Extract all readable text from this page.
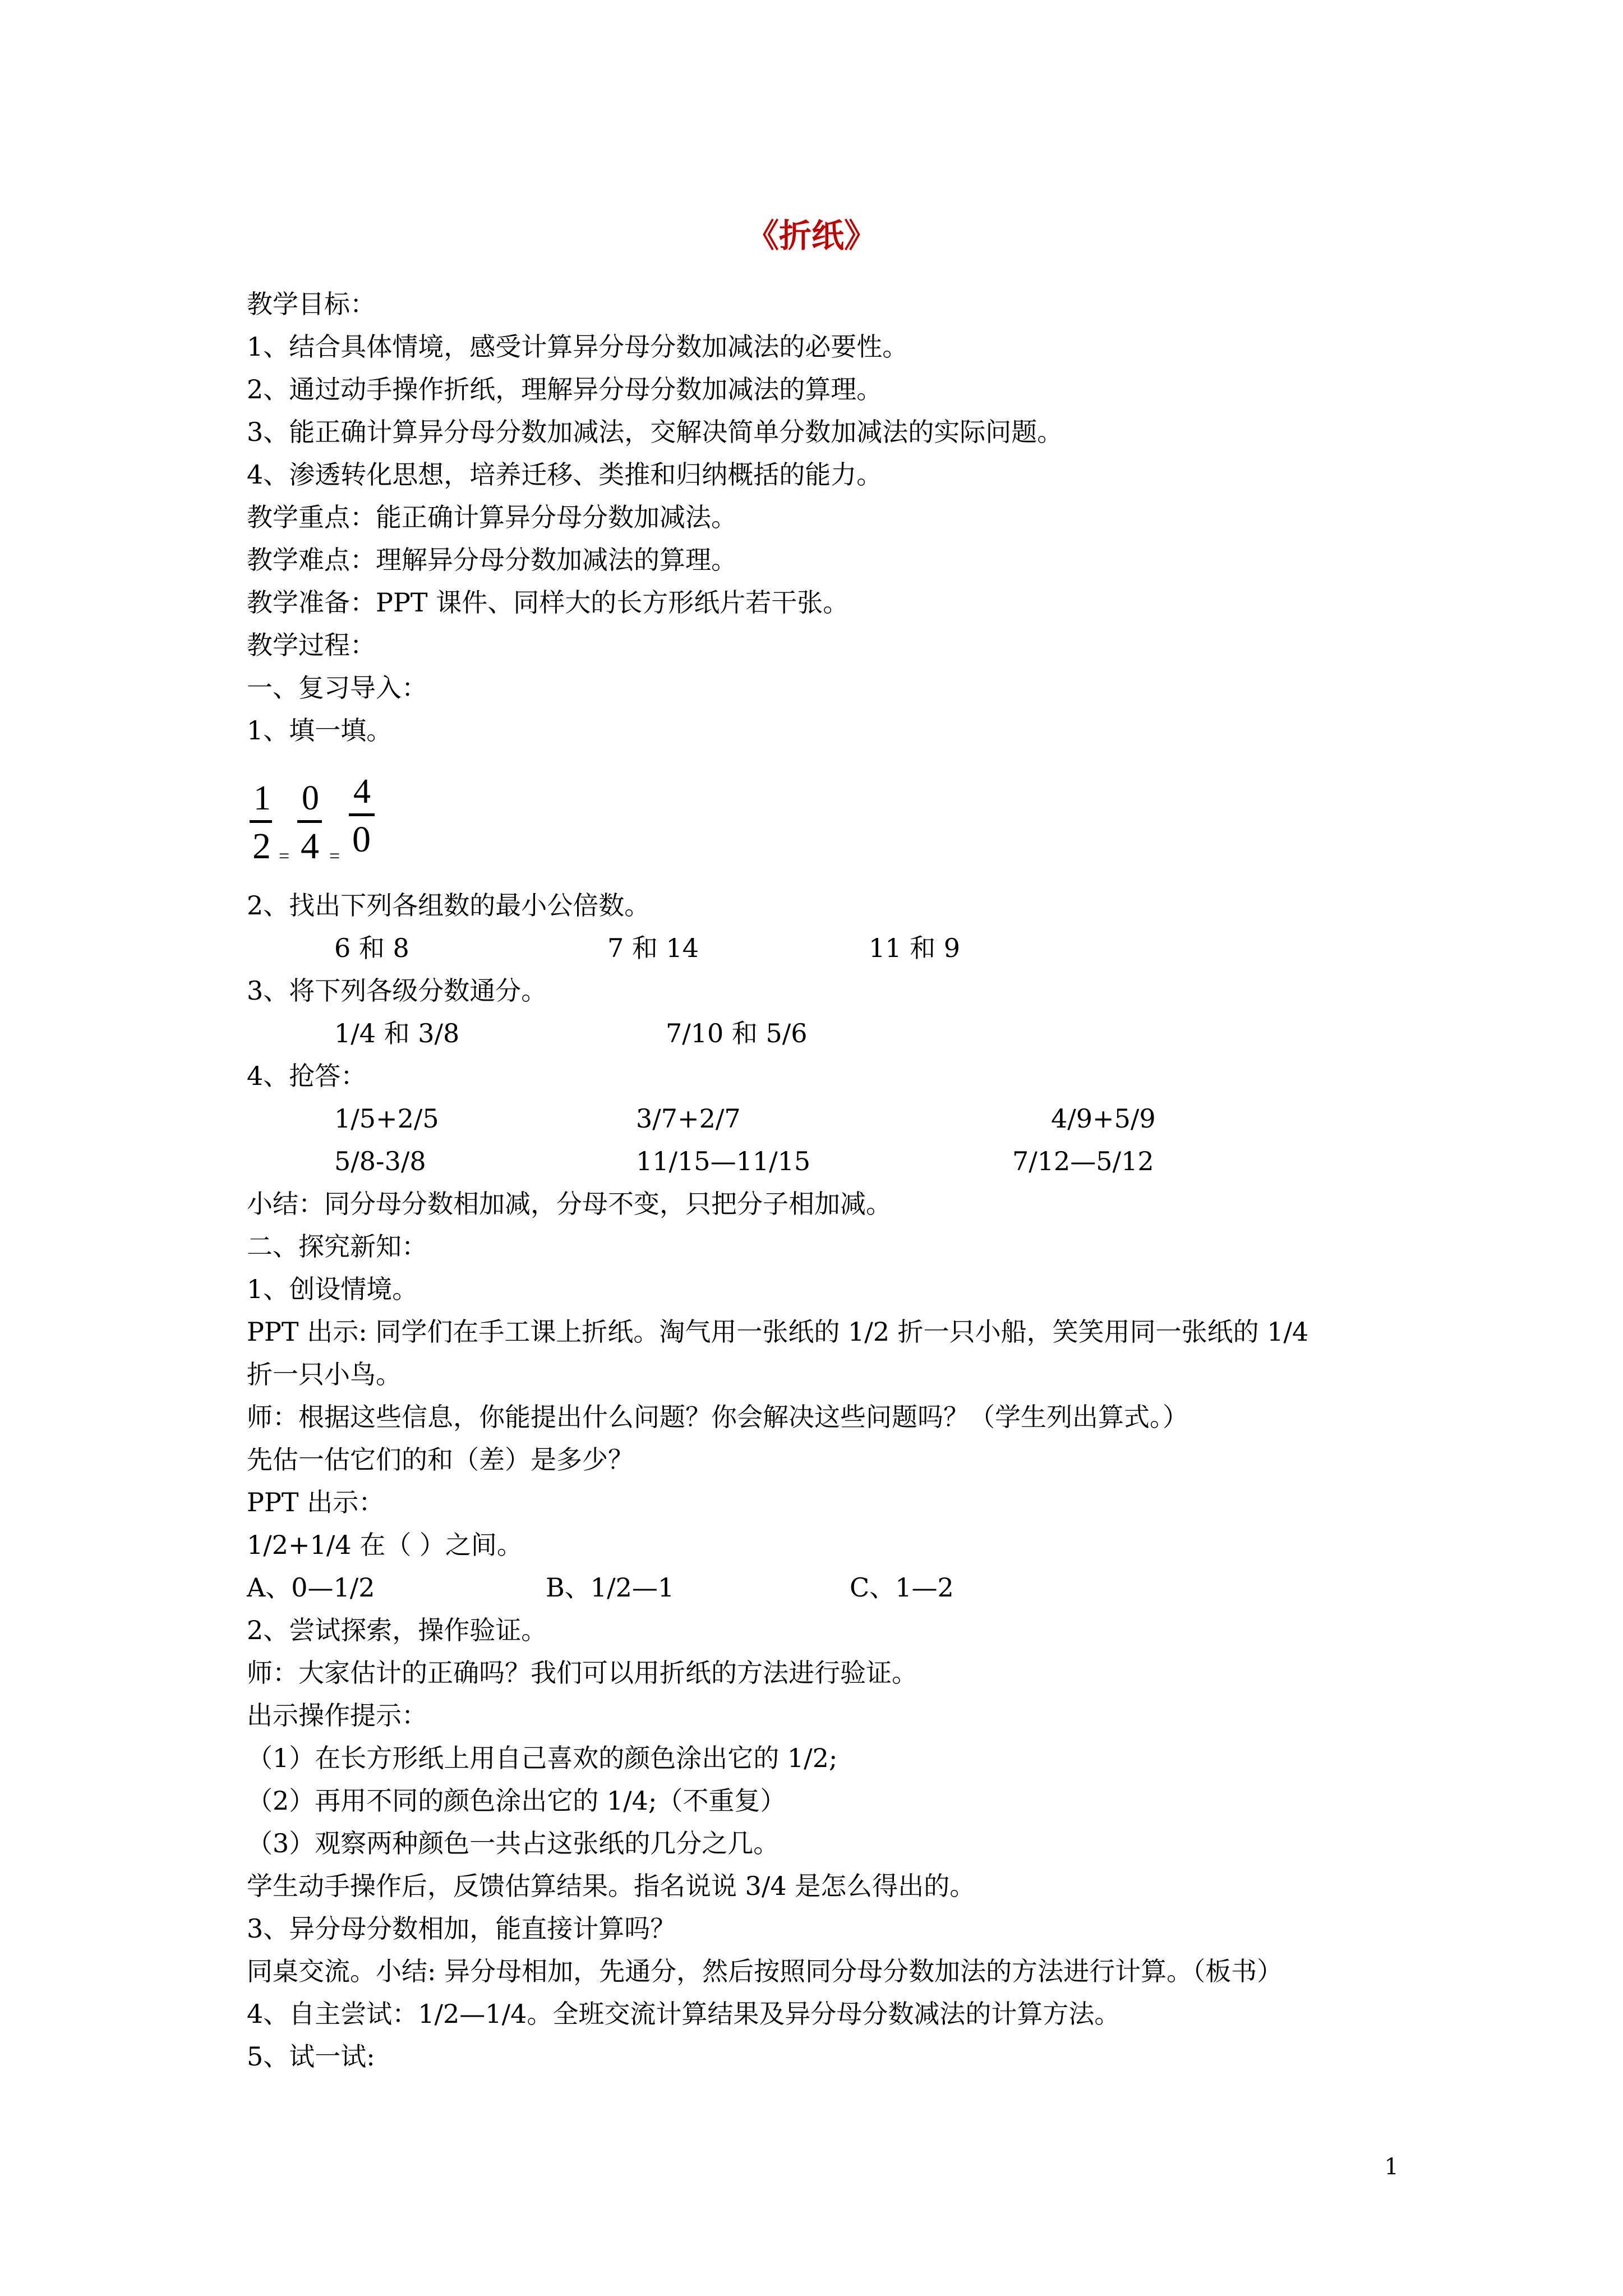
《折纸》
教学目标：
1、结合具体情境，感受计算异分母分数加减法的必要性。
2、通过动手操作折纸，理解异分母分数加减法的算理。
3、能正确计算异分母分数加减法，交解决简单分数加减法的实际问题。
4、渗透转化思想，培养迁移、类推和归纳概括的能力。
教学重点：能正确计算异分母分数加减法。
教学难点：理解异分母分数加减法的算理。
教学准备：PPT 课件、同样大的长方形纸片若干张。
教学过程：
一、复习导入：
1、填一填。
1
2 =
0
4 =
4
0
2、找出下列各组数的最小公倍数。
6 和 8	7 和 14	11 和 9
3、将下列各级分数通分。
1/4 和 3/8	7/10 和 5/6
4、抢答：
1/5+2/5	3/7+2/7	4/9+5/9
5/8-3/8	11/15—11/15	7/12—5/12
小结：同分母分数相加减，分母不变，只把分子相加减。
二、探究新知：
1、创设情境。
PPT 出示: 同学们在手工课上折纸。淘气用一张纸的 1/2 折一只小船，笑笑用同一张纸的 1/4
折一只小鸟。
师：根据这些信息，你能提出什么问题？你会解决这些问题吗？（学生列出算式。）
先估一估它们的和（差）是多少？
PPT 出示：
1/2+1/4 在（ ）之间。
A、0—1/2	B、1/2—1	C、1—2
2、尝试探索，操作验证。
师：大家估计的正确吗？我们可以用折纸的方法进行验证。
出示操作提示：
（1）在长方形纸上用自己喜欢的颜色涂出它的 1/2;
（2）再用不同的颜色涂出它的 1/4;（不重复）
（3）观察两种颜色一共占这张纸的几分之几。
学生动手操作后，反馈估算结果。指名说说 3/4 是怎么得出的。
3、异分母分数相加，能直接计算吗？
同桌交流。小结: 异分母相加，先通分，然后按照同分母分数加法的方法进行计算。（板书）
4、自主尝试：1/2—1/4。全班交流计算结果及异分母分数减法的计算方法。
5、试一试:
1
